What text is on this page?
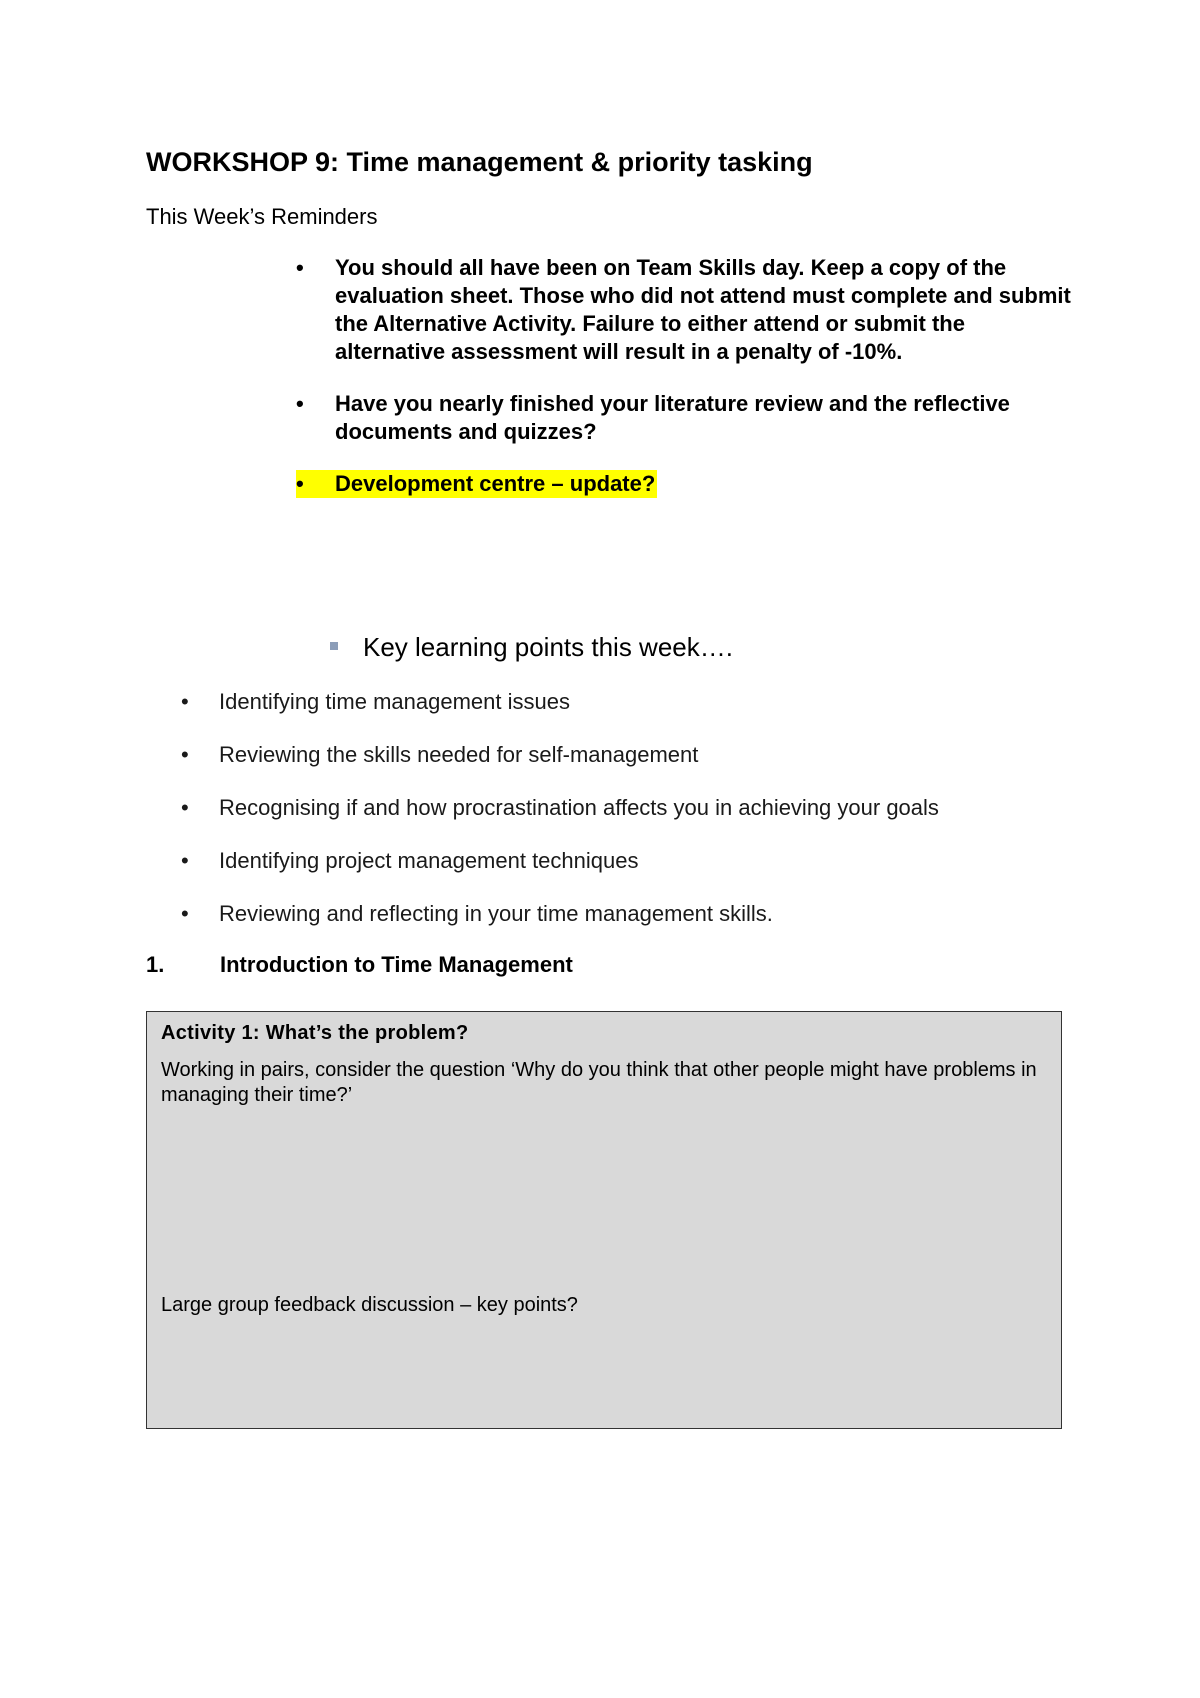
WORKSHOP 9: Time management & priority tasking
This Week’s Reminders
•	You should all have been on Team Skills day. Keep a copy of the evaluation sheet. Those who did not attend must complete and submit the Alternative Activity. Failure to either attend or submit the alternative assessment will result in a penalty of -10%.
•	Have you nearly finished your literature review and the reflective documents and quizzes?
•	Development centre – update?
Key learning points this week….
• Identifying time management issues
• Reviewing the skills needed for self-management
• Recognising if and how procrastination affects you in achieving your goals
• Identifying project management techniques
• Reviewing and reflecting in your time management skills.
1.	Introduction to Time Management
Activity 1: What’s the problem?
Working in pairs, consider the question ‘Why do you think that other people might have problems in managing their time?’
Large group feedback discussion – key points?
